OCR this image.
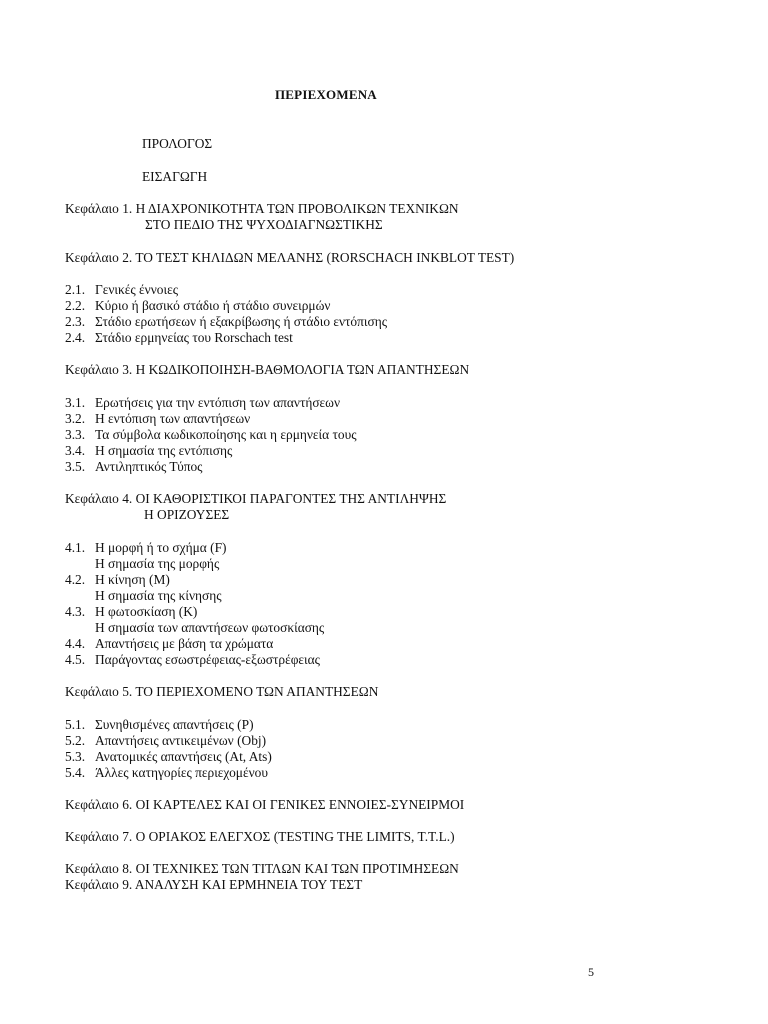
ΠΕΡΙΕΧΟΜΕΝΑ
ΠΡΟΛΟΓΟΣ
ΕΙΣΑΓΩΓΗ
Κεφάλαιο 1. Η ΔΙΑΧΡΟΝΙΚΟΤΗΤΑ ΤΩΝ ΠΡΟΒΟΛΙΚΩΝ ΤΕΧΝΙΚΩΝ
ΣΤΟ ΠΕΔΙΟ ΤΗΣ ΨΥΧΟΔΙΑΓΝΩΣΤΙΚΗΣ
Κεφάλαιο 2. ΤΟ ΤΕΣΤ ΚΗΛΙΔΩΝ ΜΕΛΑΝΗΣ (RORSCHACH INKBLOT TEST)
2.1. Γενικές έννοιες
2.2. Κύριο ή βασικό στάδιο ή στάδιο συνειρμών
2.3. Στάδιο ερωτήσεων ή εξακρίβωσης ή στάδιο εντόπισης
2.4. Στάδιο ερμηνείας του Rorschach test
Κεφάλαιο 3. Η ΚΩΔΙΚΟΠΟΙΗΣΗ-ΒΑΘΜΟΛΟΓΙΑ ΤΩΝ ΑΠΑΝΤΗΣΕΩΝ
3.1. Ερωτήσεις για την εντόπιση των απαντήσεων
3.2. Η εντόπιση των απαντήσεων
3.3. Τα σύμβολα κωδικοποίησης και η ερμηνεία τους
3.4. Η σημασία της εντόπισης
3.5. Αντιληπτικός Τύπος
Κεφάλαιο 4. ΟΙ ΚΑΘΟΡΙΣΤΙΚΟΙ ΠΑΡΑΓΟΝΤΕΣ ΤΗΣ ΑΝΤΙΛΗΨΗΣ
Η ΟΡΙΖΟΥΣΕΣ
4.1. Η μορφή ή το σχήμα (F)
Η σημασία της μορφής
4.2. Η κίνηση (M)
Η σημασία της κίνησης
4.3. Η φωτοσκίαση (K)
Η σημασία των απαντήσεων φωτοσκίασης
4.4. Απαντήσεις με βάση τα χρώματα
4.5. Παράγοντας εσωστρέφειας-εξωστρέφειας
Κεφάλαιο 5. ΤΟ ΠΕΡΙΕΧΟΜΕΝΟ ΤΩΝ ΑΠΑΝΤΗΣΕΩΝ
5.1. Συνηθισμένες απαντήσεις (P)
5.2. Απαντήσεις αντικειμένων (Obj)
5.3. Ανατομικές απαντήσεις (At, Ats)
5.4. Άλλες κατηγορίες περιεχομένου
Κεφάλαιο 6. ΟΙ ΚΑΡΤΕΛΕΣ ΚΑΙ ΟΙ ΓΕΝΙΚΕΣ ΕΝΝΟΙΕΣ-ΣΥΝΕΙΡΜΟΙ
Κεφάλαιο 7. Ο ΟΡΙΑΚΟΣ ΕΛΕΓΧΟΣ (TESTING THE LIMITS, T.T.L.)
Κεφάλαιο 8. ΟΙ ΤΕΧΝΙΚΕΣ ΤΩΝ ΤΙΤΛΩΝ ΚΑΙ ΤΩΝ ΠΡΟΤΙΜΗΣΕΩΝ
Κεφάλαιο 9. ΑΝΑΛΥΣΗ ΚΑΙ ΕΡΜΗΝΕΙΑ ΤΟΥ ΤΕΣΤ
5
